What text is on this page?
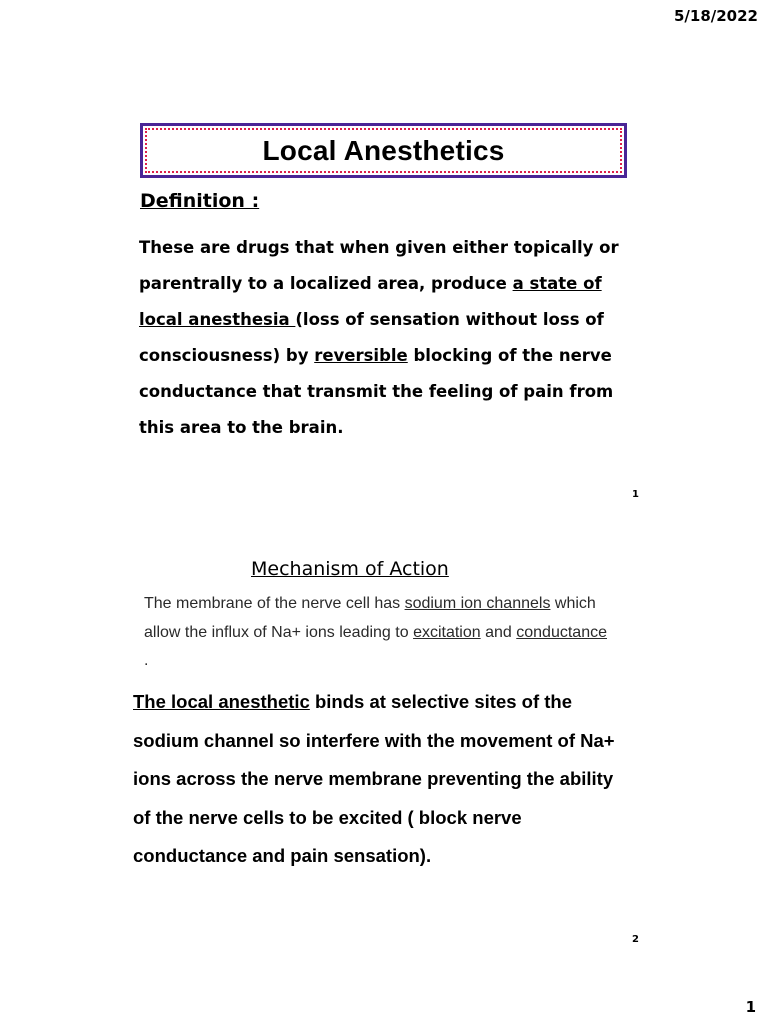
5/18/2022
Local Anesthetics
Definition :
These are drugs that when given either topically or parentrally to a localized area, produce a state of local anesthesia (loss of sensation without loss of consciousness) by reversible blocking of the nerve conductance that transmit the feeling of pain from this area to the brain.
1
Mechanism of Action
The membrane of the nerve cell has sodium ion channels which allow the influx of Na+ ions leading to excitation and conductance .
The local anesthetic binds at selective sites of the sodium channel so interfere with the movement of Na+ ions across the nerve membrane preventing the ability of the nerve cells to be excited ( block nerve conductance and pain sensation).
2
1
